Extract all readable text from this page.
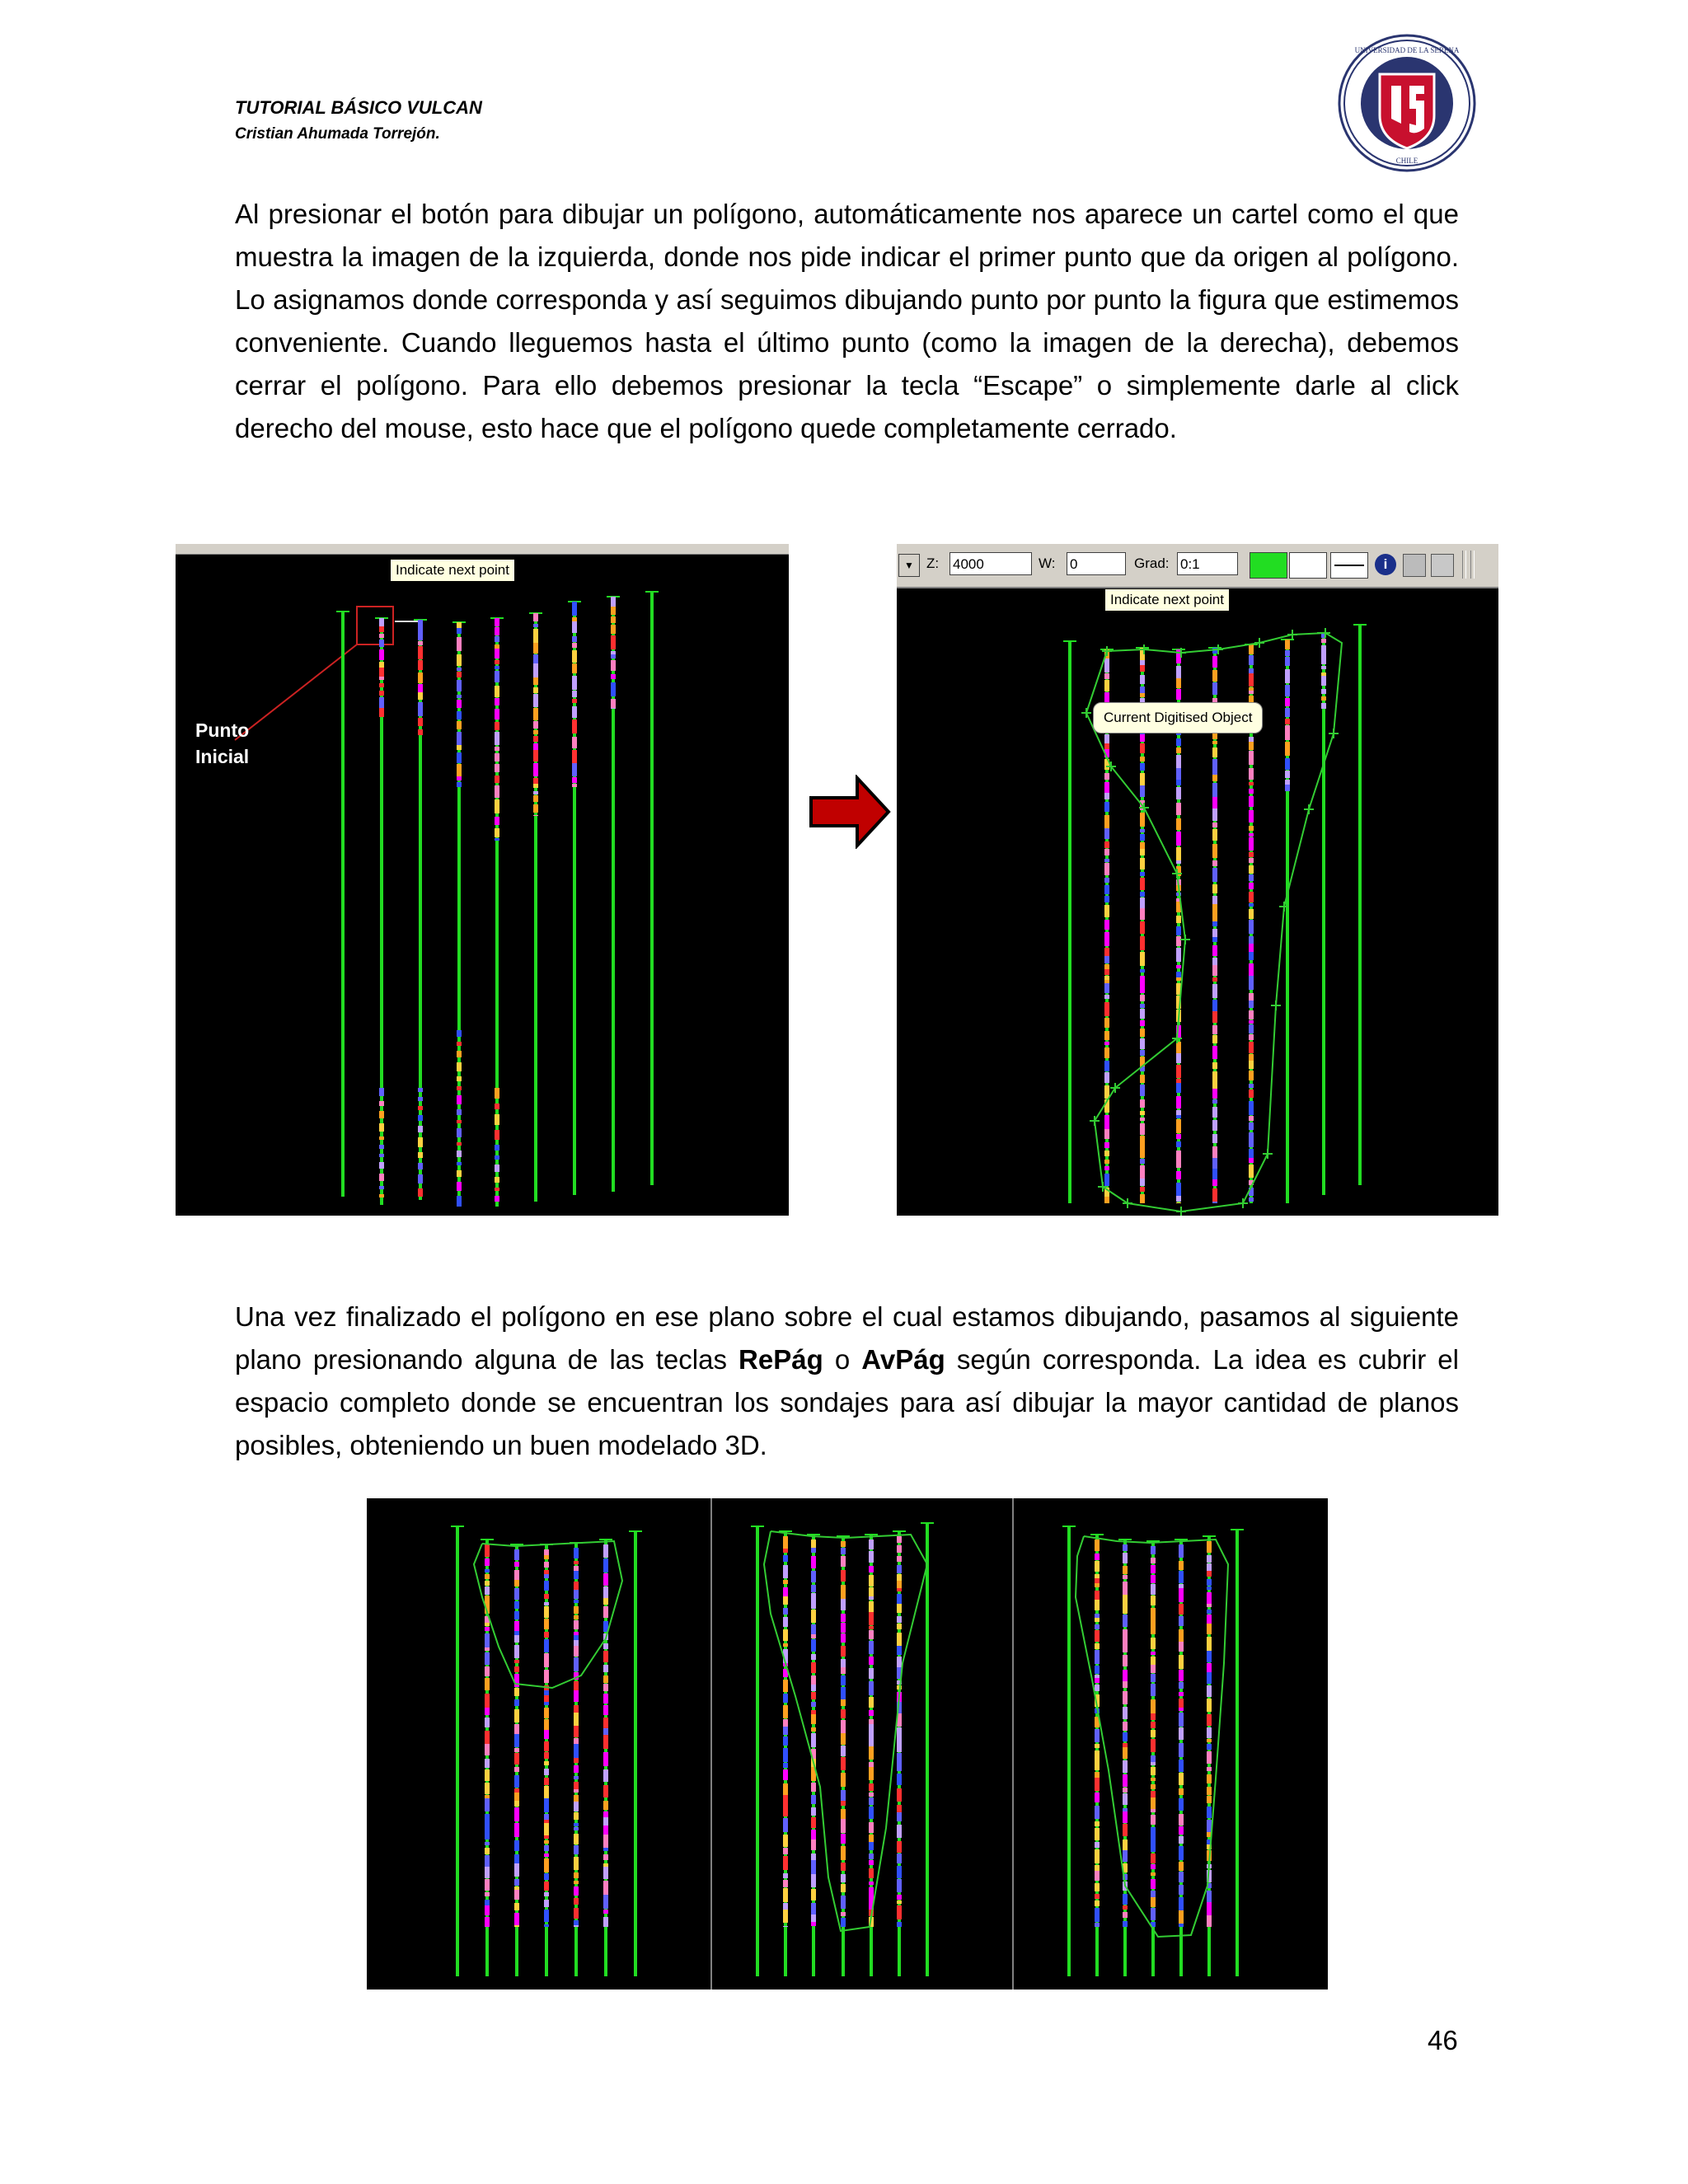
TUTORIAL BÁSICO VULCAN
Cristian Ahumada Torrejón.
UNIVERSIDAD DE LA SERENA
CHILE

Al presionar el botón para dibujar un polígono, automáticamente nos aparece un cartel como el que muestra la imagen de la izquierda, donde nos pide indicar el primer punto que da origen al polígono. Lo asignamos donde corresponda y así seguimos dibujando punto por punto la figura que estimemos conveniente. Cuando lleguemos hasta el último punto (como la imagen de la derecha), debemos cerrar el polígono. Para ello debemos presionar la tecla “Escape” o simplemente darle al click derecho del mouse, esto hace que el polígono quede completamente cerrado.

Indicate next point
Punto
Inicial
▼ Z: 4000	W: 0	Grad: 0:1	i
Indicate next point
Current Digitised Object

Una vez finalizado el polígono en ese plano sobre el cual estamos dibujando, pasamos al siguiente plano presionando alguna de las teclas RePág o AvPág según corresponda. La idea es cubrir el espacio completo donde se encuentran los sondajes para así dibujar la mayor cantidad de planos posibles, obteniendo un buen modelado 3D.

46
